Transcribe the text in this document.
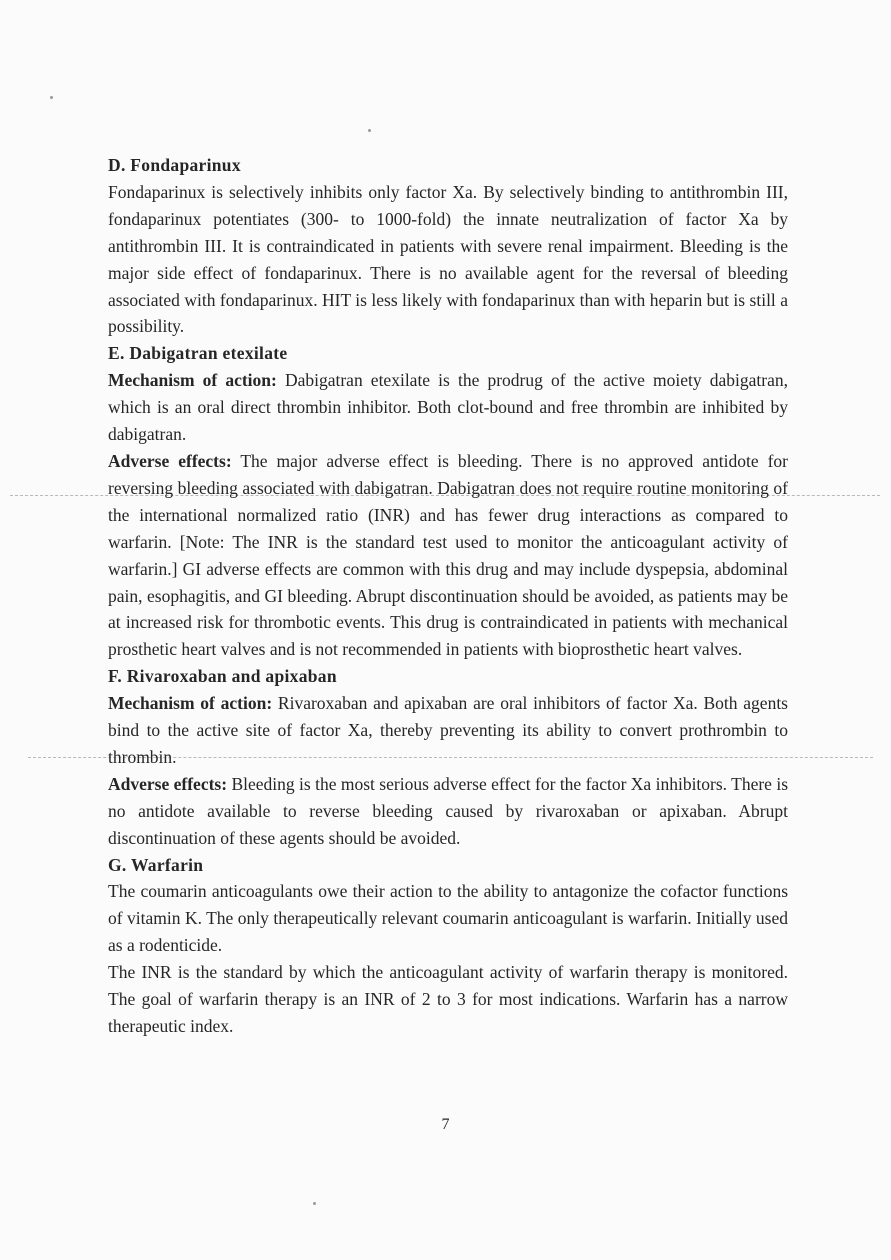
D. Fondaparinux
Fondaparinux is selectively inhibits only factor Xa. By selectively binding to antithrombin III, fondaparinux potentiates (300- to 1000-fold) the innate neutralization of factor Xa by antithrombin III. It is contraindicated in patients with severe renal impairment. Bleeding is the major side effect of fondaparinux. There is no available agent for the reversal of bleeding associated with fondaparinux. HIT is less likely with fondaparinux than with heparin but is still a possibility.
E. Dabigatran etexilate
Mechanism of action: Dabigatran etexilate is the prodrug of the active moiety dabigatran, which is an oral direct thrombin inhibitor. Both clot-bound and free thrombin are inhibited by dabigatran.
Adverse effects: The major adverse effect is bleeding. There is no approved antidote for reversing bleeding associated with dabigatran. Dabigatran does not require routine monitoring of the international normalized ratio (INR) and has fewer drug interactions as compared to warfarin. [Note: The INR is the standard test used to monitor the anticoagulant activity of warfarin.] GI adverse effects are common with this drug and may include dyspepsia, abdominal pain, esophagitis, and GI bleeding. Abrupt discontinuation should be avoided, as patients may be at increased risk for thrombotic events. This drug is contraindicated in patients with mechanical prosthetic heart valves and is not recommended in patients with bioprosthetic heart valves.
F. Rivaroxaban and apixaban
Mechanism of action: Rivaroxaban and apixaban are oral inhibitors of factor Xa. Both agents bind to the active site of factor Xa, thereby preventing its ability to convert prothrombin to thrombin.
Adverse effects: Bleeding is the most serious adverse effect for the factor Xa inhibitors. There is no antidote available to reverse bleeding caused by rivaroxaban or apixaban. Abrupt discontinuation of these agents should be avoided.
G. Warfarin
The coumarin anticoagulants owe their action to the ability to antagonize the cofactor functions of vitamin K. The only therapeutically relevant coumarin anticoagulant is warfarin. Initially used as a rodenticide.
The INR is the standard by which the anticoagulant activity of warfarin therapy is monitored. The goal of warfarin therapy is an INR of 2 to 3 for most indications. Warfarin has a narrow therapeutic index.
7
